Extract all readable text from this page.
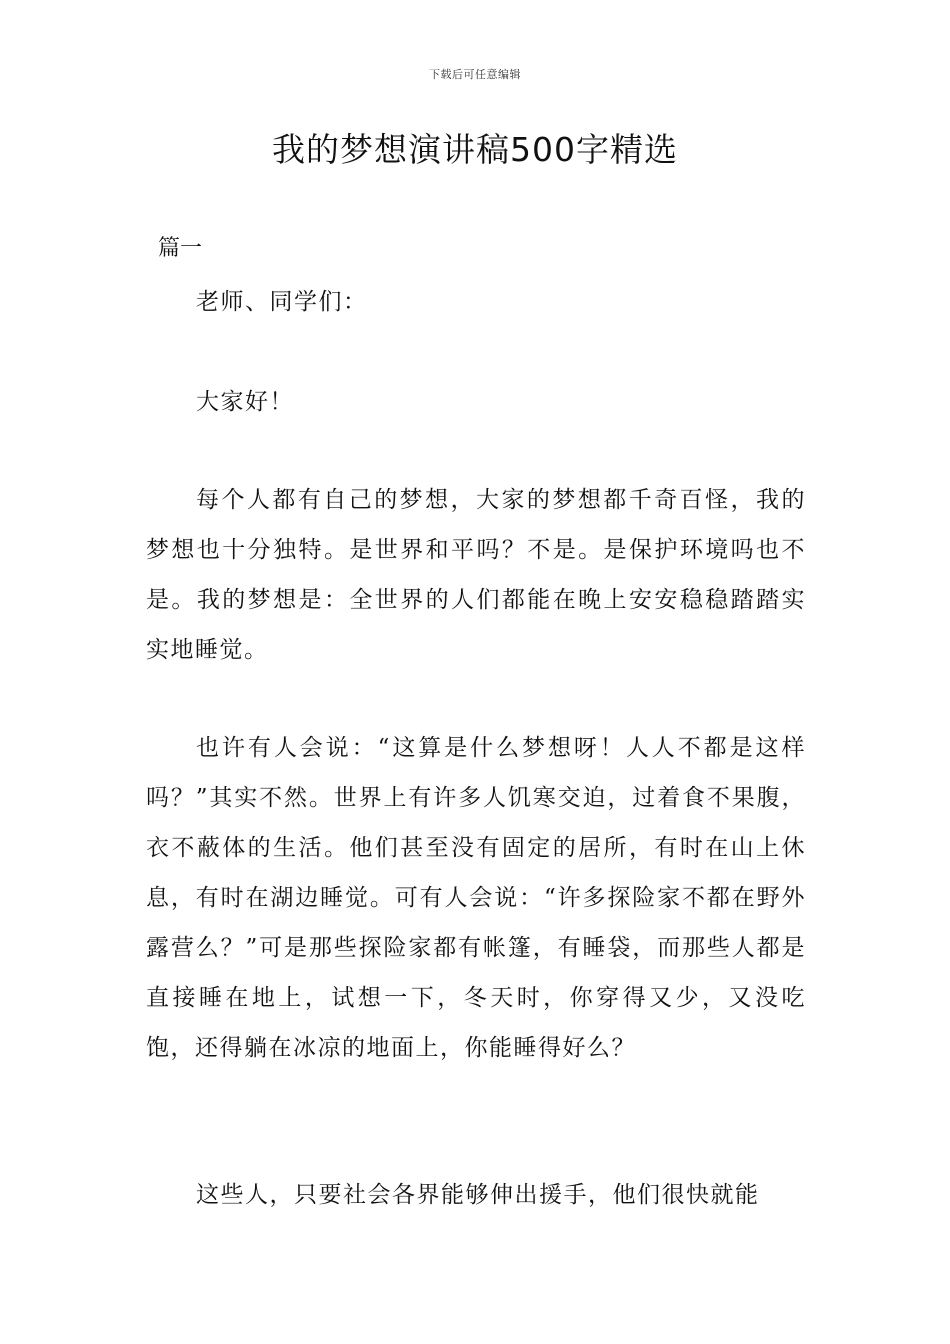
下载后可任意编辑
我的梦想演讲稿500字精选
篇一

老师、同学们：

大家好！

每个人都有自己的梦想，大家的梦想都千奇百怪，我的梦想也十分独特。是世界和平吗？不是。是保护环境吗也不是。我的梦想是：全世界的人们都能在晚上安安稳稳踏踏实实地睡觉。

也许有人会说：“这算是什么梦想呀！人人不都是这样吗？”其实不然。世界上有许多人饥寒交迫，过着食不果腹，衣不蔽体的生活。他们甚至没有固定的居所，有时在山上休息，有时在湖边睡觉。可有人会说：“许多探险家不都在野外露营么？”可是那些探险家都有帐篷，有睡袋，而那些人都是直接睡在地上，试想一下，冬天时，你穿得又少，又没吃饱，还得躺在冰凉的地面上，你能睡得好么？

这些人，只要社会各界能够伸出援手，他们很快就能
